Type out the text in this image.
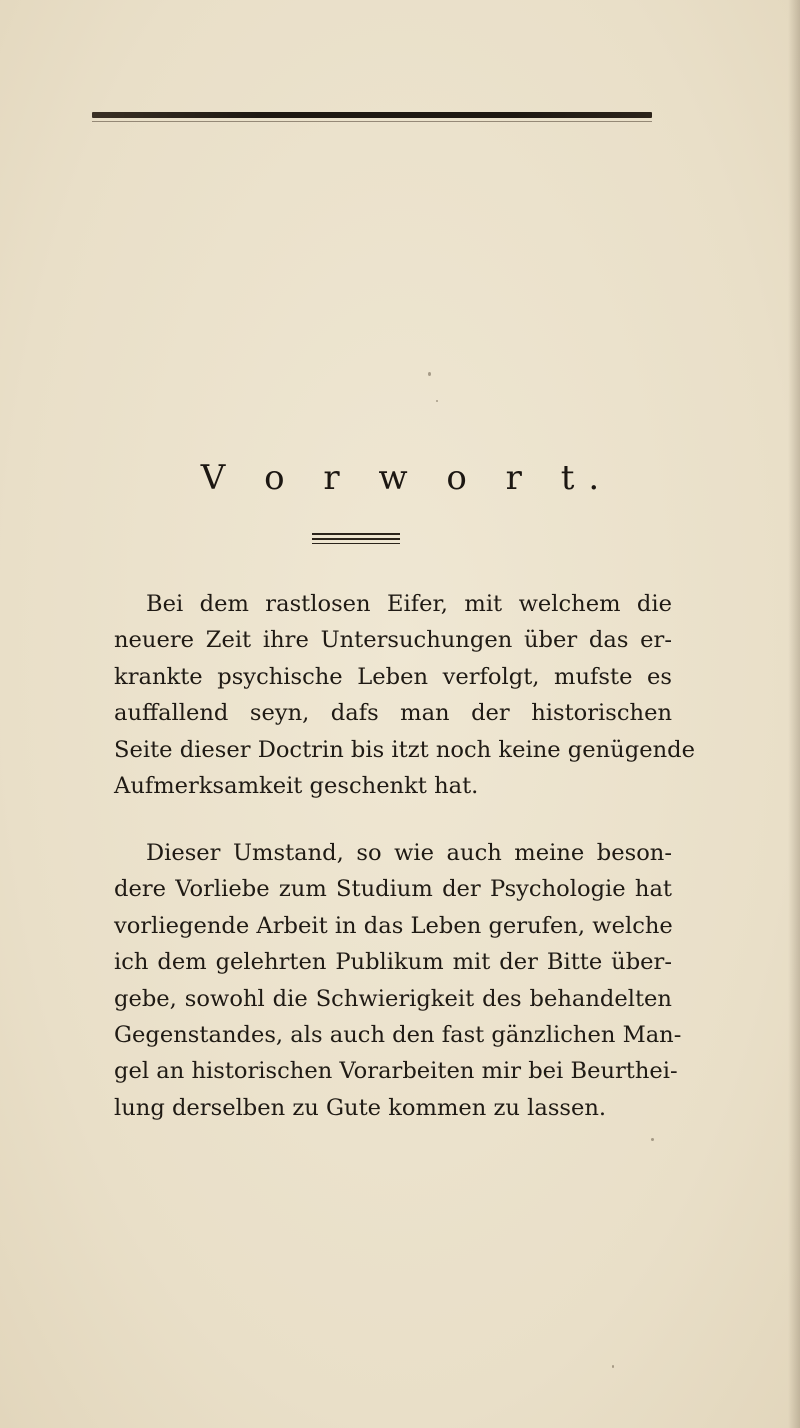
V o r w o r t.
Bei dem rastlosen Eifer, mit welchem die
neuere Zeit ihre Untersuchungen über das er-
krankte psychische Leben verfolgt, mufste es
auffallend seyn, dafs man der historischen
Seite dieser Doctrin bis itzt noch keine genügende
Aufmerksamkeit geschenkt hat.
Dieser Umstand, so wie auch meine beson-
dere Vorliebe zum Studium der Psychologie hat
vorliegende Arbeit in das Leben gerufen, welche
ich dem gelehrten Publikum mit der Bitte über-
gebe, sowohl die Schwierigkeit des behandelten
Gegenstandes, als auch den fast gänzlichen Man-
gel an historischen Vorarbeiten mir bei Beurthei-
lung derselben zu Gute kommen zu lassen.
